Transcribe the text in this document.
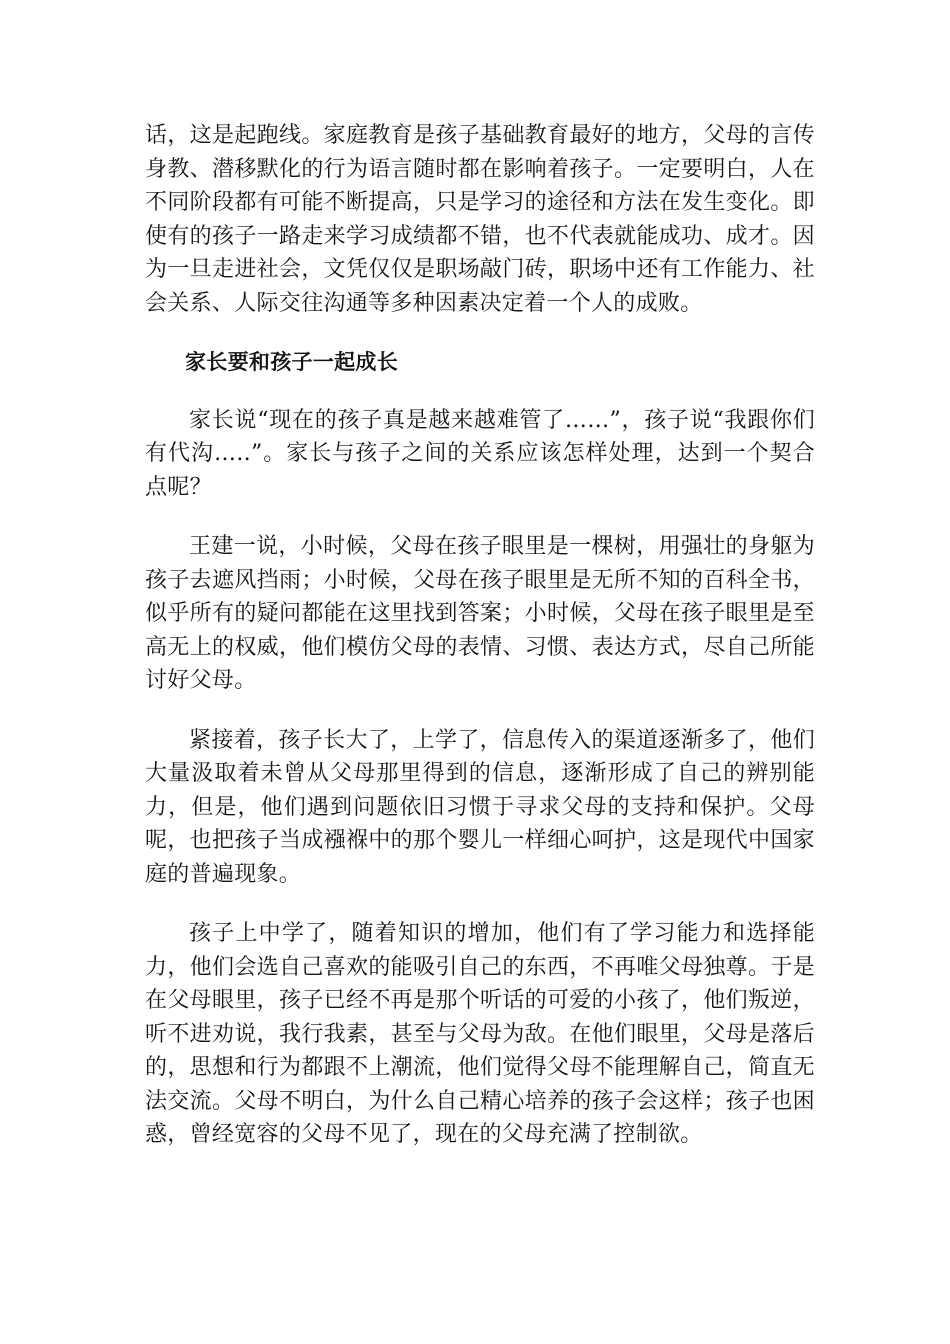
话，这是起跑线。家庭教育是孩子基础教育最好的地方，父母的言传身教、潜移默化的行为语言随时都在影响着孩子。一定要明白，人在不同阶段都有可能不断提高，只是学习的途径和方法在发生变化。即使有的孩子一路走来学习成绩都不错，也不代表就能成功、成才。因为一旦走进社会，文凭仅仅是职场敲门砖，职场中还有工作能力、社会关系、人际交往沟通等多种因素决定着一个人的成败。

家长要和孩子一起成长

家长说“现在的孩子真是越来越难管了……”，孩子说“我跟你们有代沟…..”。家长与孩子之间的关系应该怎样处理，达到一个契合点呢？

王建一说，小时候，父母在孩子眼里是一棵树，用强壮的身躯为孩子去遮风挡雨；小时候，父母在孩子眼里是无所不知的百科全书，似乎所有的疑问都能在这里找到答案；小时候，父母在孩子眼里是至高无上的权威，他们模仿父母的表情、习惯、表达方式，尽自己所能讨好父母。

紧接着，孩子长大了，上学了，信息传入的渠道逐渐多了，他们大量汲取着未曾从父母那里得到的信息，逐渐形成了自己的辨别能力，但是，他们遇到问题依旧习惯于寻求父母的支持和保护。父母呢，也把孩子当成襁褓中的那个婴儿一样细心呵护，这是现代中国家庭的普遍现象。

孩子上中学了，随着知识的增加，他们有了学习能力和选择能力，他们会选自己喜欢的能吸引自己的东西，不再唯父母独尊。于是在父母眼里，孩子已经不再是那个听话的可爱的小孩了，他们叛逆，听不进劝说，我行我素，甚至与父母为敌。在他们眼里，父母是落后的，思想和行为都跟不上潮流，他们觉得父母不能理解自己，简直无法交流。父母不明白，为什么自己精心培养的孩子会这样；孩子也困惑，曾经宽容的父母不见了，现在的父母充满了控制欲。
